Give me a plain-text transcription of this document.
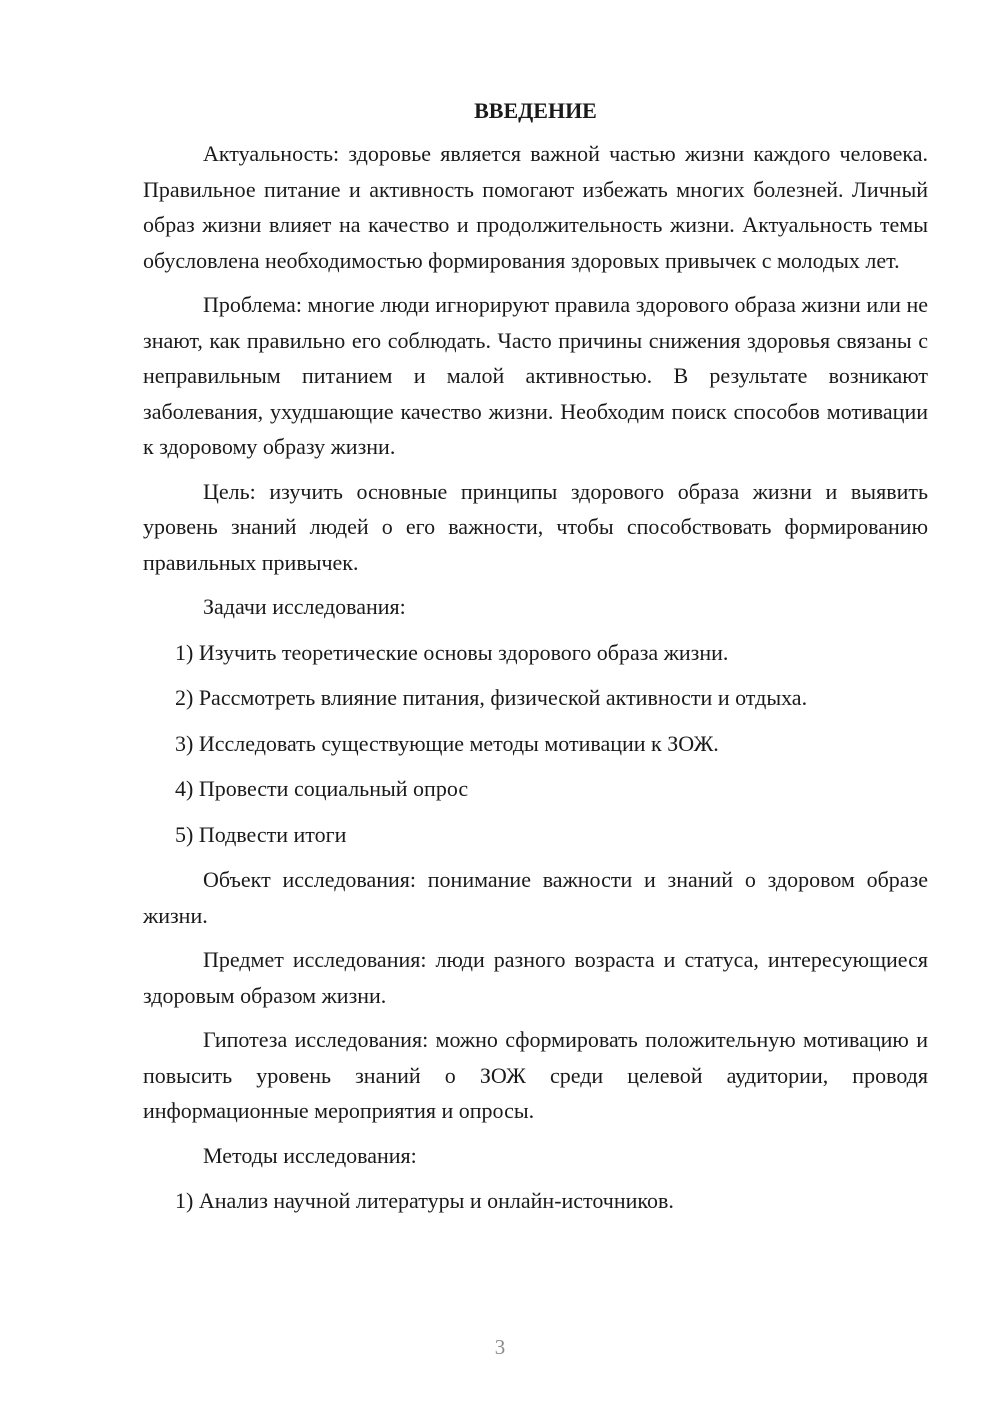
ВВЕДЕНИЕ

Актуальность: здоровье является важной частью жизни каждого человека. Правильное питание и активность помогают избежать многих болезней. Личный образ жизни влияет на качество и продолжительность жизни. Актуальность темы обусловлена необходимостью формирования здоровых привычек с молодых лет.

Проблема: многие люди игнорируют правила здорового образа жизни или не знают, как правильно его соблюдать. Часто причины снижения здоровья связаны с неправильным питанием и малой активностью. В результате возникают заболевания, ухудшающие качество жизни. Необходим поиск способов мотивации к здоровому образу жизни.

Цель: изучить основные принципы здорового образа жизни и выявить уровень знаний людей о его важности, чтобы способствовать формированию правильных привычек.

Задачи исследования:

1) Изучить теоретические основы здорового образа жизни.
2) Рассмотреть влияние питания, физической активности и отдыха.
3) Исследовать существующие методы мотивации к ЗОЖ.
4) Провести социальный опрос
5) Подвести итоги

Объект исследования: понимание важности и знаний о здоровом образе жизни.

Предмет исследования: люди разного возраста и статуса, интересующиеся здоровым образом жизни.

Гипотеза исследования: можно сформировать положительную мотивацию и повысить уровень знаний о ЗОЖ среди целевой аудитории, проводя информационные мероприятия и опросы.

Методы исследования:

1) Анализ научной литературы и онлайн-источников.
3
